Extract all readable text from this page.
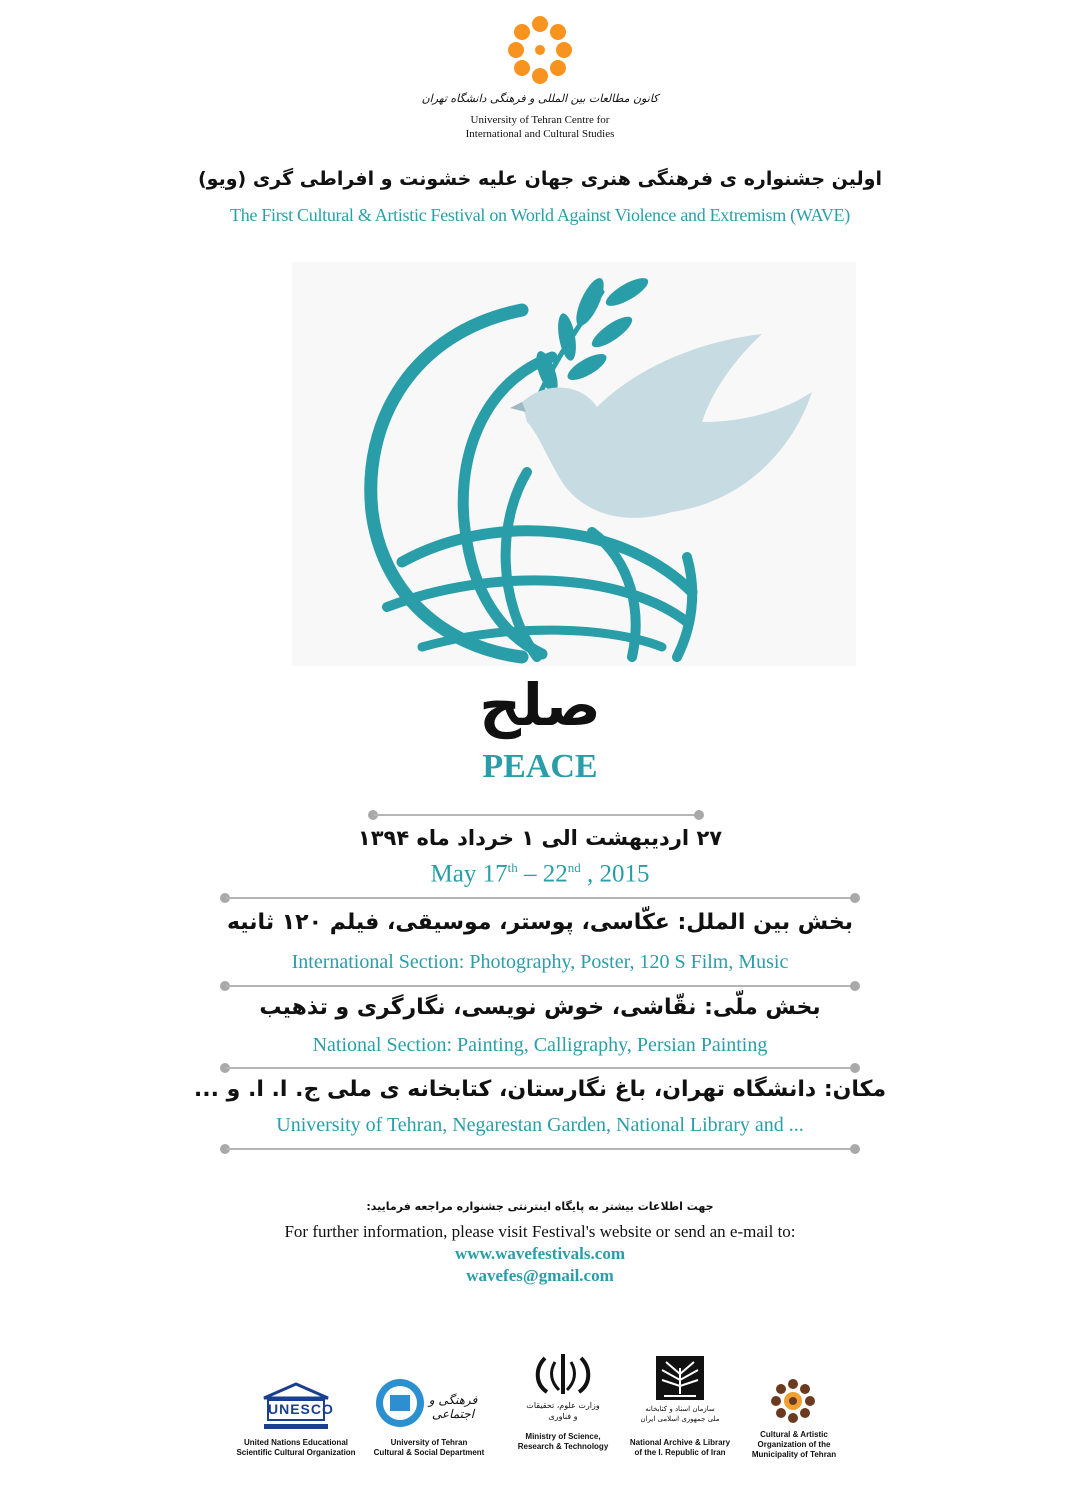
کانون مطالعات بین المللی و فرهنگی دانشگاه تهران
University of Tehran Centre for
International and Cultural Studies
اولین جشنواره ی فرهنگی هنری جهان علیه خشونت و افراطی گری (ویو)
The First Cultural & Artistic Festival on World Against Violence and Extremism (WAVE)
صلح
PEACE
۲۷ اردیبهشت الی ۱ خرداد ماه ۱۳۹۴
May 17th – 22nd , 2015
بخش بین الملل: عکّاسی، پوستر، موسیقی، فیلم ۱۲۰ ثانیه
International Section: Photography, Poster, 120 S Film, Music
بخش ملّی: نقّاشی، خوش نویسی، نگارگری و تذهیب
National Section: Painting, Calligraphy, Persian Painting
مکان: دانشگاه تهران، باغ نگارستان، کتابخانه ی ملی ج. ا. ا. و ...
University of Tehran, Negarestan Garden, National Library and ...
جهت اطلاعات بیشتر به پایگاه اینترنتی جشنواره مراجعه فرمایید:
For further information, please visit Festival's website or send an e-mail to:
www.wavefestivals.com
wavefes@gmail.com
UNESCO
United Nations Educational
Scientific Cultural Organization
فرهنگی و اجتماعی
University of Tehran
Cultural & Social Department
وزارت علوم، تحقیقات و فناوری
Ministry of Science,
Research & Technology
سازمان اسناد و کتابخانه ملی جمهوری اسلامی ایران
National Archive & Library
of the I. Republic of Iran
Cultural & Artistic
Organization of the
Municipality of Tehran
